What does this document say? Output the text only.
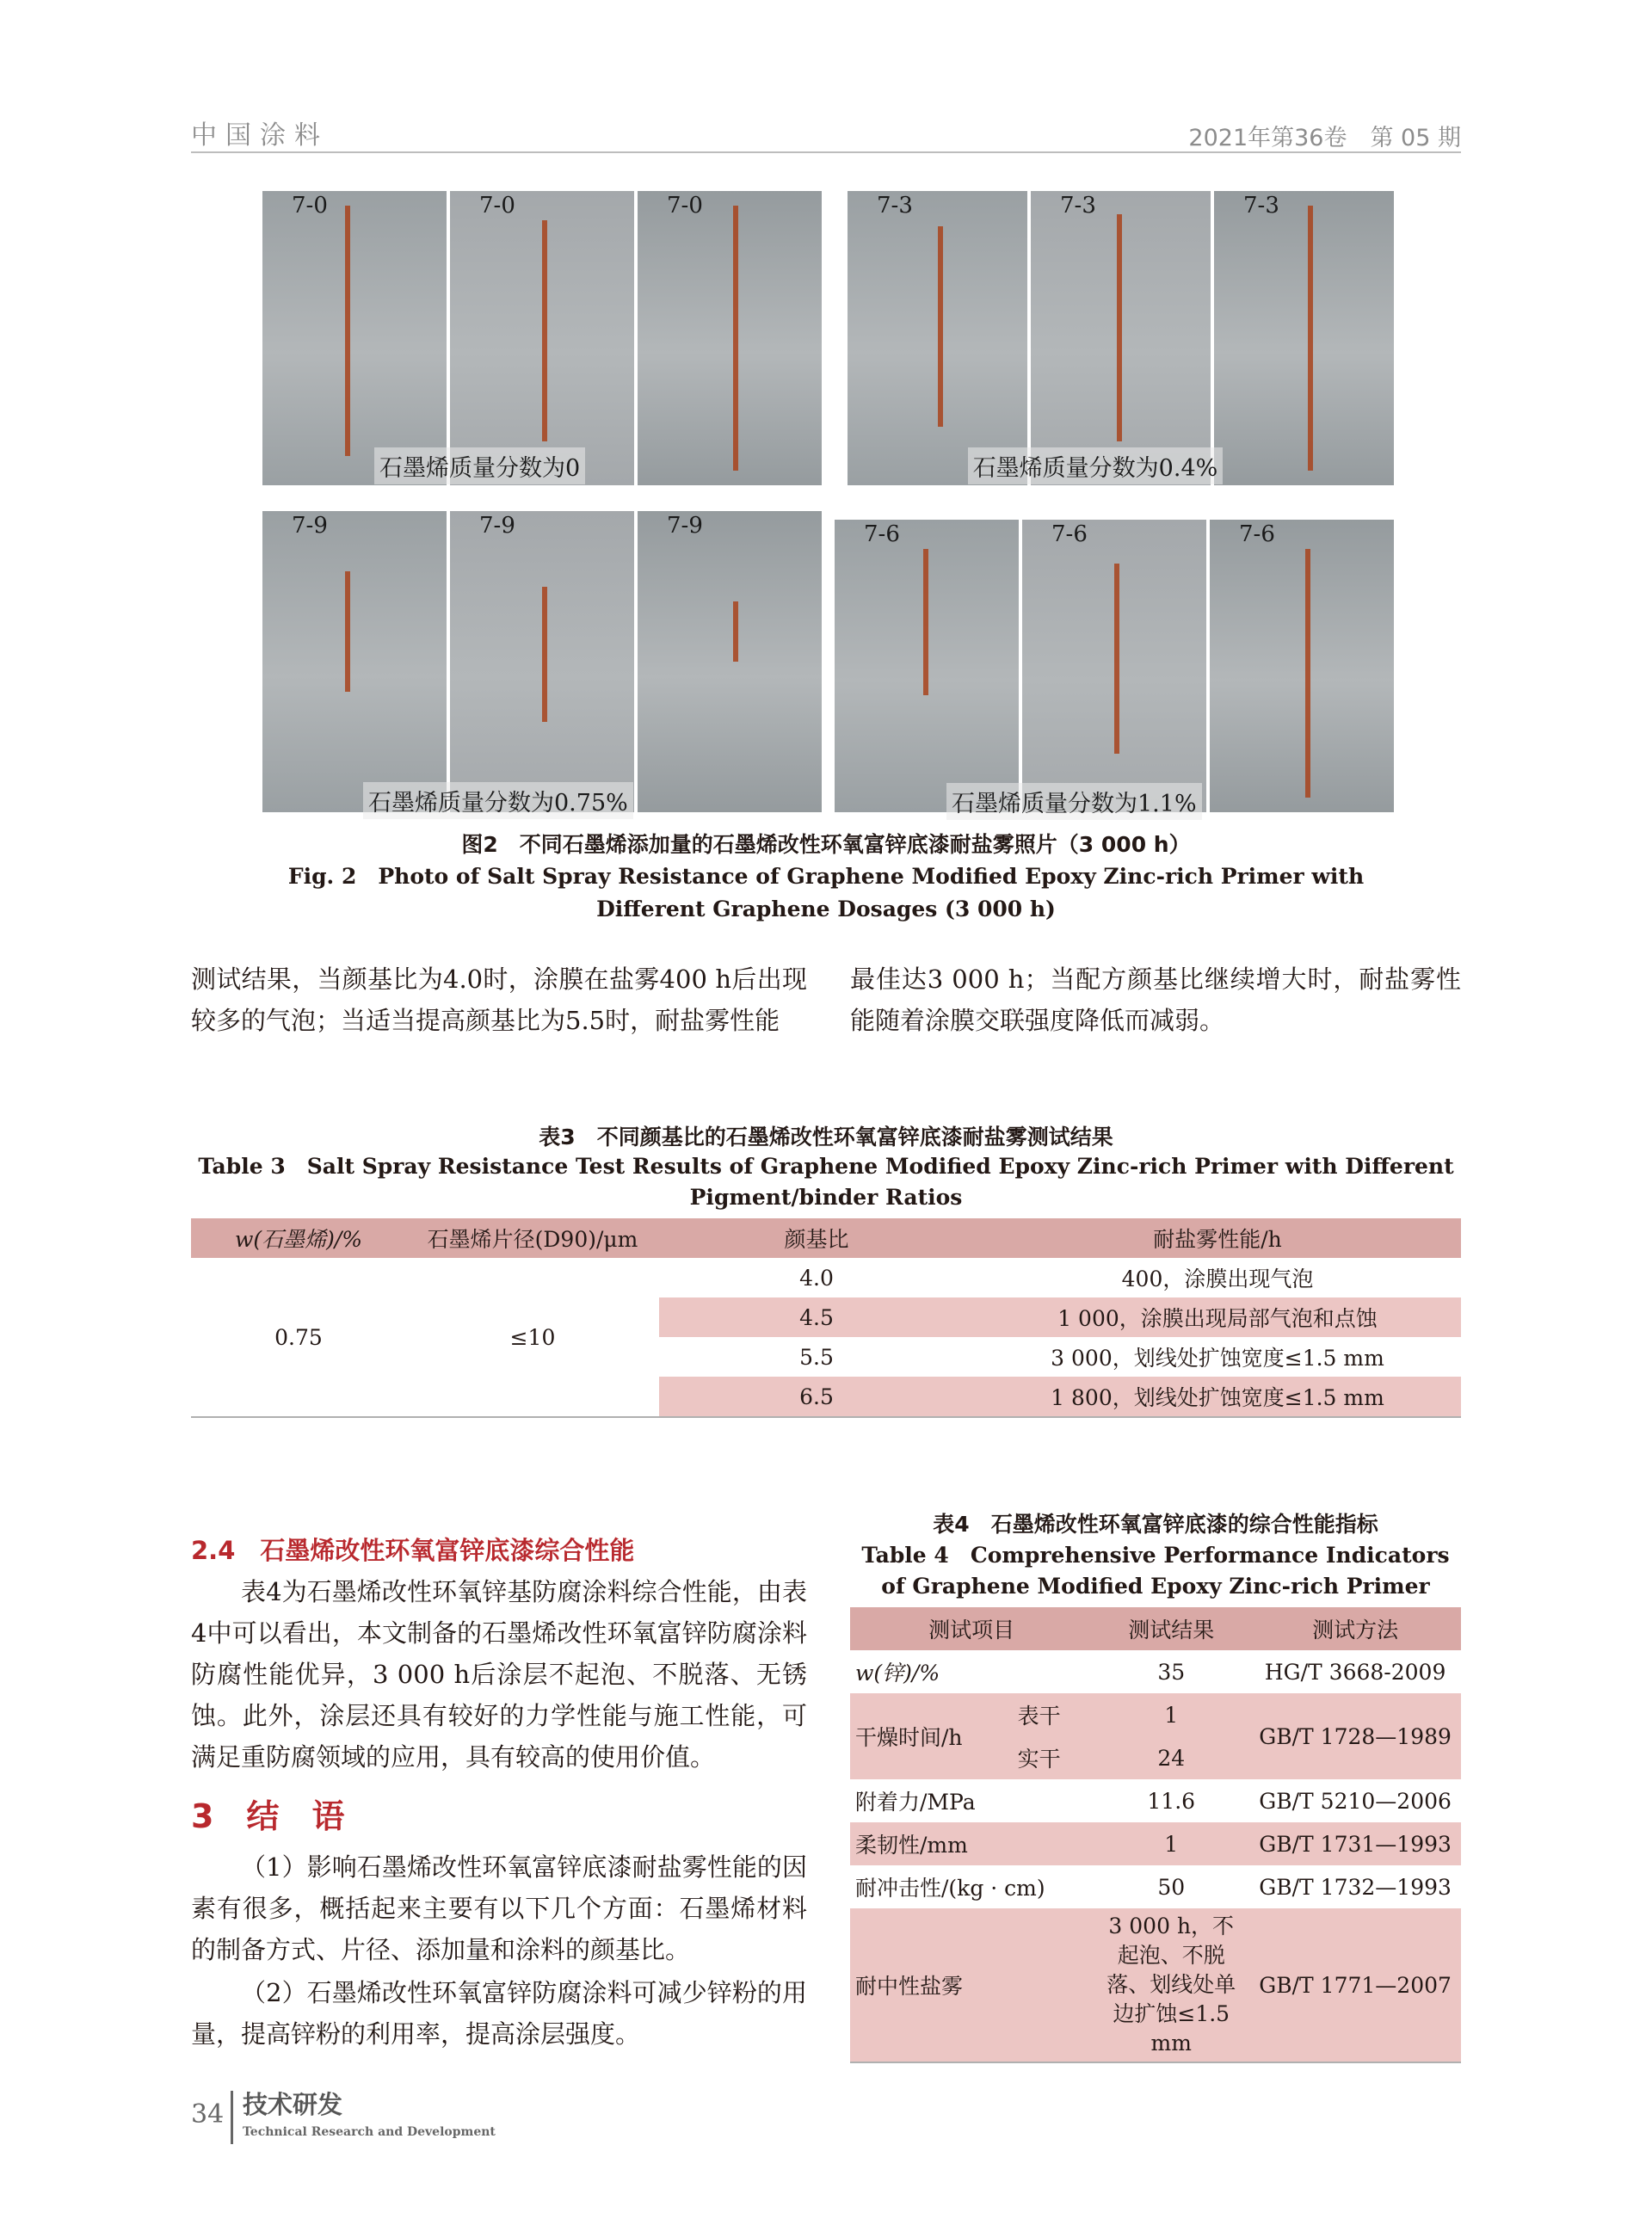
中国涂料	2021年第36卷　第 05 期
7-0	7-0	7-0
石墨烯质量分数为0
7-3	7-3	7-3
石墨烯质量分数为0.4%
7-9	7-9	7-9
石墨烯质量分数为0.75%
7-6	7-6	7-6
石墨烯质量分数为1.1%
图2　不同石墨烯添加量的石墨烯改性环氧富锌底漆耐盐雾照片（3 000 h）
Fig. 2　Photo of Salt Spray Resistance of Graphene Modified Epoxy Zinc-rich Primer with Different Graphene Dosages (3 000 h)
测试结果，当颜基比为4.0时，涂膜在盐雾400 h后出现较多的气泡；当适当提高颜基比为5.5时，耐盐雾性能
最佳达3 000 h；当配方颜基比继续增大时，耐盐雾性能随着涂膜交联强度降低而减弱。
表3　不同颜基比的石墨烯改性环氧富锌底漆耐盐雾测试结果
Table 3　Salt Spray Resistance Test Results of Graphene Modified Epoxy Zinc-rich Primer with Different Pigment/binder Ratios
w(石墨烯)/%	石墨烯片径(D90)/μm	颜基比	耐盐雾性能/h
0.75	≤10	4.0	400，涂膜出现气泡
		4.5	1 000，涂膜出现局部气泡和点蚀
		5.5	3 000，划线处扩蚀宽度≤1.5 mm
		6.5	1 800，划线处扩蚀宽度≤1.5 mm
2.4　石墨烯改性环氧富锌底漆综合性能
表4为石墨烯改性环氧锌基防腐涂料综合性能，由表4中可以看出，本文制备的石墨烯改性环氧富锌防腐涂料防腐性能优异，3 000 h后涂层不起泡、不脱落、无锈蚀。此外，涂层还具有较好的力学性能与施工性能，可满足重防腐领域的应用，具有较高的使用价值。
3　结　语
（1）影响石墨烯改性环氧富锌底漆耐盐雾性能的因素有很多，概括起来主要有以下几个方面：石墨烯材料的制备方式、片径、添加量和涂料的颜基比。
（2）石墨烯改性环氧富锌防腐涂料可减少锌粉的用量，提高锌粉的利用率，提高涂层强度。
表4　石墨烯改性环氧富锌底漆的综合性能指标
Table 4　Comprehensive Performance Indicators of Graphene Modified Epoxy Zinc-rich Primer
测试项目		测试结果	测试方法
w(锌)/%		35	HG/T 3668-2009
干燥时间/h	表干	1	GB/T 1728—1989
	实干	24	
附着力/MPa		11.6	GB/T 5210—2006
柔韧性/mm		1	GB/T 1731—1993
耐冲击性/(kg · cm)		50	GB/T 1732—1993
耐中性盐雾		3 000 h，不起泡、不脱落、划线处单边扩蚀≤1.5 mm	GB/T 1771—2007
34 技术研发
Technical Research and Development
